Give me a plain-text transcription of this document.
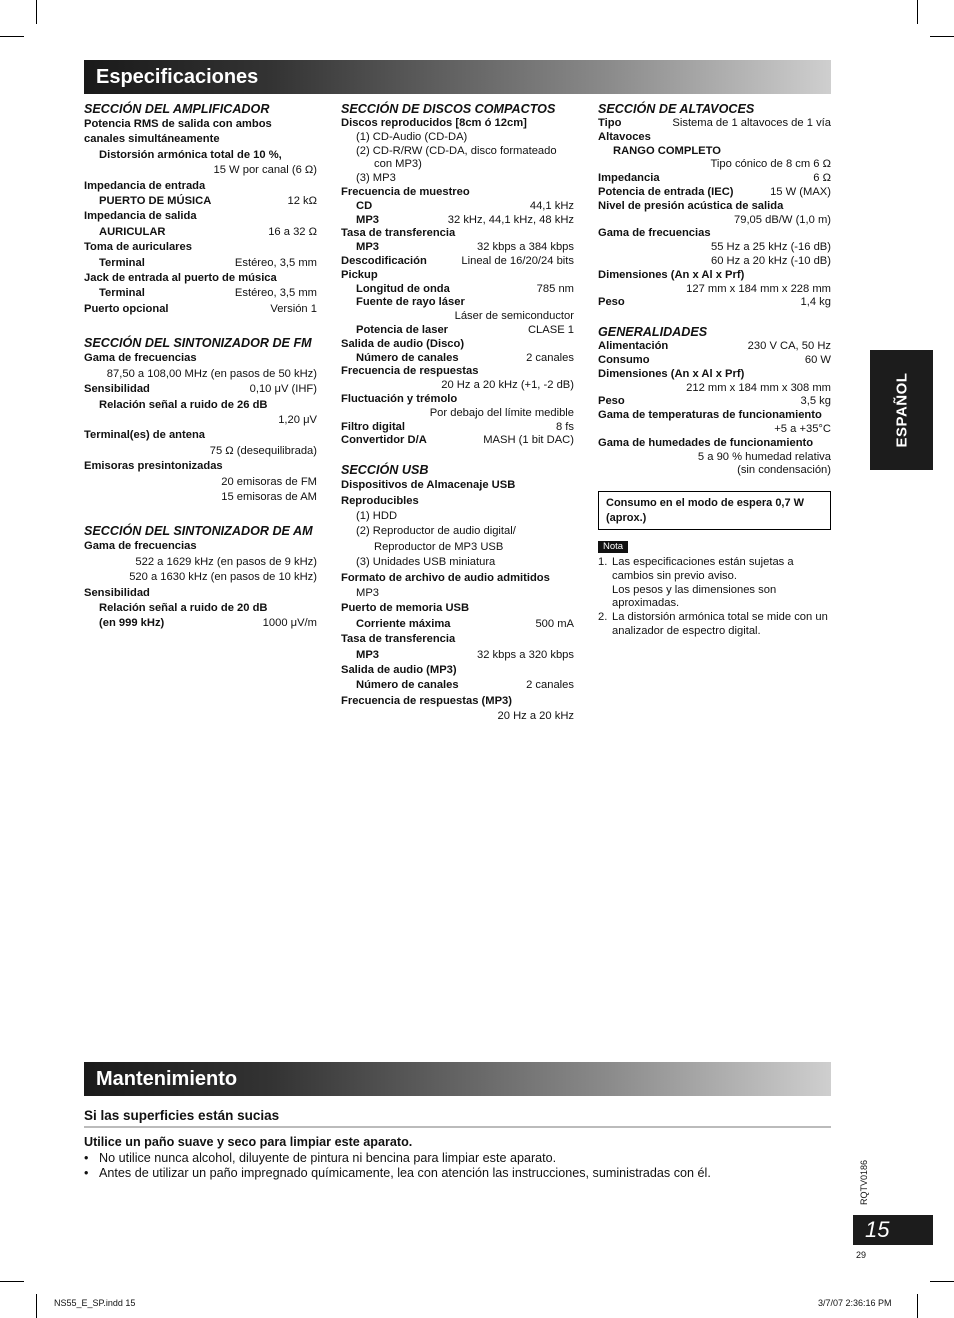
Especificaciones
SECCIÓN DEL AMPLIFICADOR
Potencia RMS de salida con ambos
canales simultáneamente
Distorsión armónica total de 10 %,
15 W por canal (6 Ω)
Impedancia de entrada
PUERTO DE MÚSICA	12 kΩ
Impedancia de salida
AURICULAR	16 a 32 Ω
Toma de auriculares
Terminal	Estéreo, 3,5 mm
Jack de entrada al puerto de música
Terminal	Estéreo, 3,5 mm
Puerto opcional	Versión 1
SECCIÓN DEL SINTONIZADOR DE FM
Gama de frecuencias
87,50 a 108,00 MHz (en pasos de 50 kHz)
Sensibilidad	0,10 μV (IHF)
Relación señal a ruido de 26 dB
1,20 μV
Terminal(es) de antena
75 Ω (desequilibrada)
Emisoras presintonizadas
20 emisoras de FM
15 emisoras de AM
SECCIÓN DEL SINTONIZADOR DE AM
Gama de frecuencias
522 a 1629 kHz (en pasos de 9 kHz)
520 a 1630 kHz (en pasos de 10 kHz)
Sensibilidad
Relación señal a ruido de 20 dB
(en 999 kHz)	1000 μV/m
SECCIÓN DE DISCOS COMPACTOS
Discos reproducidos [8cm ó 12cm]
(1) CD-Audio (CD-DA)
(2) CD-R/RW (CD-DA, disco formateado
con MP3)
(3) MP3
Frecuencia de muestreo
CD	44,1 kHz
MP3	32 kHz, 44,1 kHz, 48 kHz
Tasa de transferencia
MP3	32 kbps a 384 kbps
Descodificación	Lineal de 16/20/24 bits
Pickup
Longitud de onda	785 nm
Fuente de rayo láser
Láser de semiconductor
Potencia de laser	CLASE 1
Salida de audio (Disco)
Número de canales	2 canales
Frecuencia de respuestas
20 Hz a 20 kHz (+1, -2 dB)
Fluctuación y trémolo
Por debajo del límite medible
Filtro digital	8 fs
Convertidor D/A	MASH (1 bit DAC)
SECCIÓN USB
Dispositivos de Almacenaje USB
Reproducibles
(1) HDD
(2) Reproductor de audio digital/
Reproductor de MP3 USB
(3) Unidades USB miniatura
Formato de archivo de audio admitidos
MP3
Puerto de memoria USB
Corriente máxima	500 mA
Tasa de transferencia
MP3	32 kbps a 320 kbps
Salida de audio (MP3)
Número de canales	2 canales
Frecuencia de respuestas (MP3)
20 Hz a 20 kHz
SECCIÓN DE ALTAVOCES
Tipo	Sistema de 1 altavoces de 1 vía
Altavoces
RANGO COMPLETO
Tipo cónico de 8 cm 6 Ω
Impedancia	6 Ω
Potencia de entrada (IEC)	15 W (MAX)
Nivel de presión acústica de salida
79,05 dB/W (1,0 m)
Gama de frecuencias
55 Hz a 25 kHz (-16 dB)
60 Hz a 20 kHz (-10 dB)
Dimensiones (An x Al x Prf)
127 mm x 184 mm x 228 mm
Peso	1,4 kg
GENERALIDADES
Alimentación	230 V CA, 50 Hz
Consumo	60 W
Dimensiones (An x Al x Prf)
212 mm x 184 mm x 308 mm
Peso	3,5 kg
Gama de temperaturas de funcionamiento
+5 a +35°C
Gama de humedades de funcionamiento
5 a 90 % humedad relativa
(sin condensación)
Consumo en el modo de espera 0,7 W (aprox.)
Nota
1. Las especificaciones están sujetas a cambios sin previo aviso.
Los pesos y las dimensiones son aproximadas.
2. La distorsión armónica total se mide con un analizador de espectro digital.
ESPAÑOL
Mantenimiento
Si las superficies están sucias
Utilice un paño suave y seco para limpiar este aparato.
• No utilice nunca alcohol, diluyente de pintura ni bencina para limpiar este aparato.
• Antes de utilizar un paño impregnado químicamente, lea con atención las instrucciones, suministradas con él.	RQTV0186
15
29
NS55_E_SP.indd 15	3/7/07 2:36:16 PM
